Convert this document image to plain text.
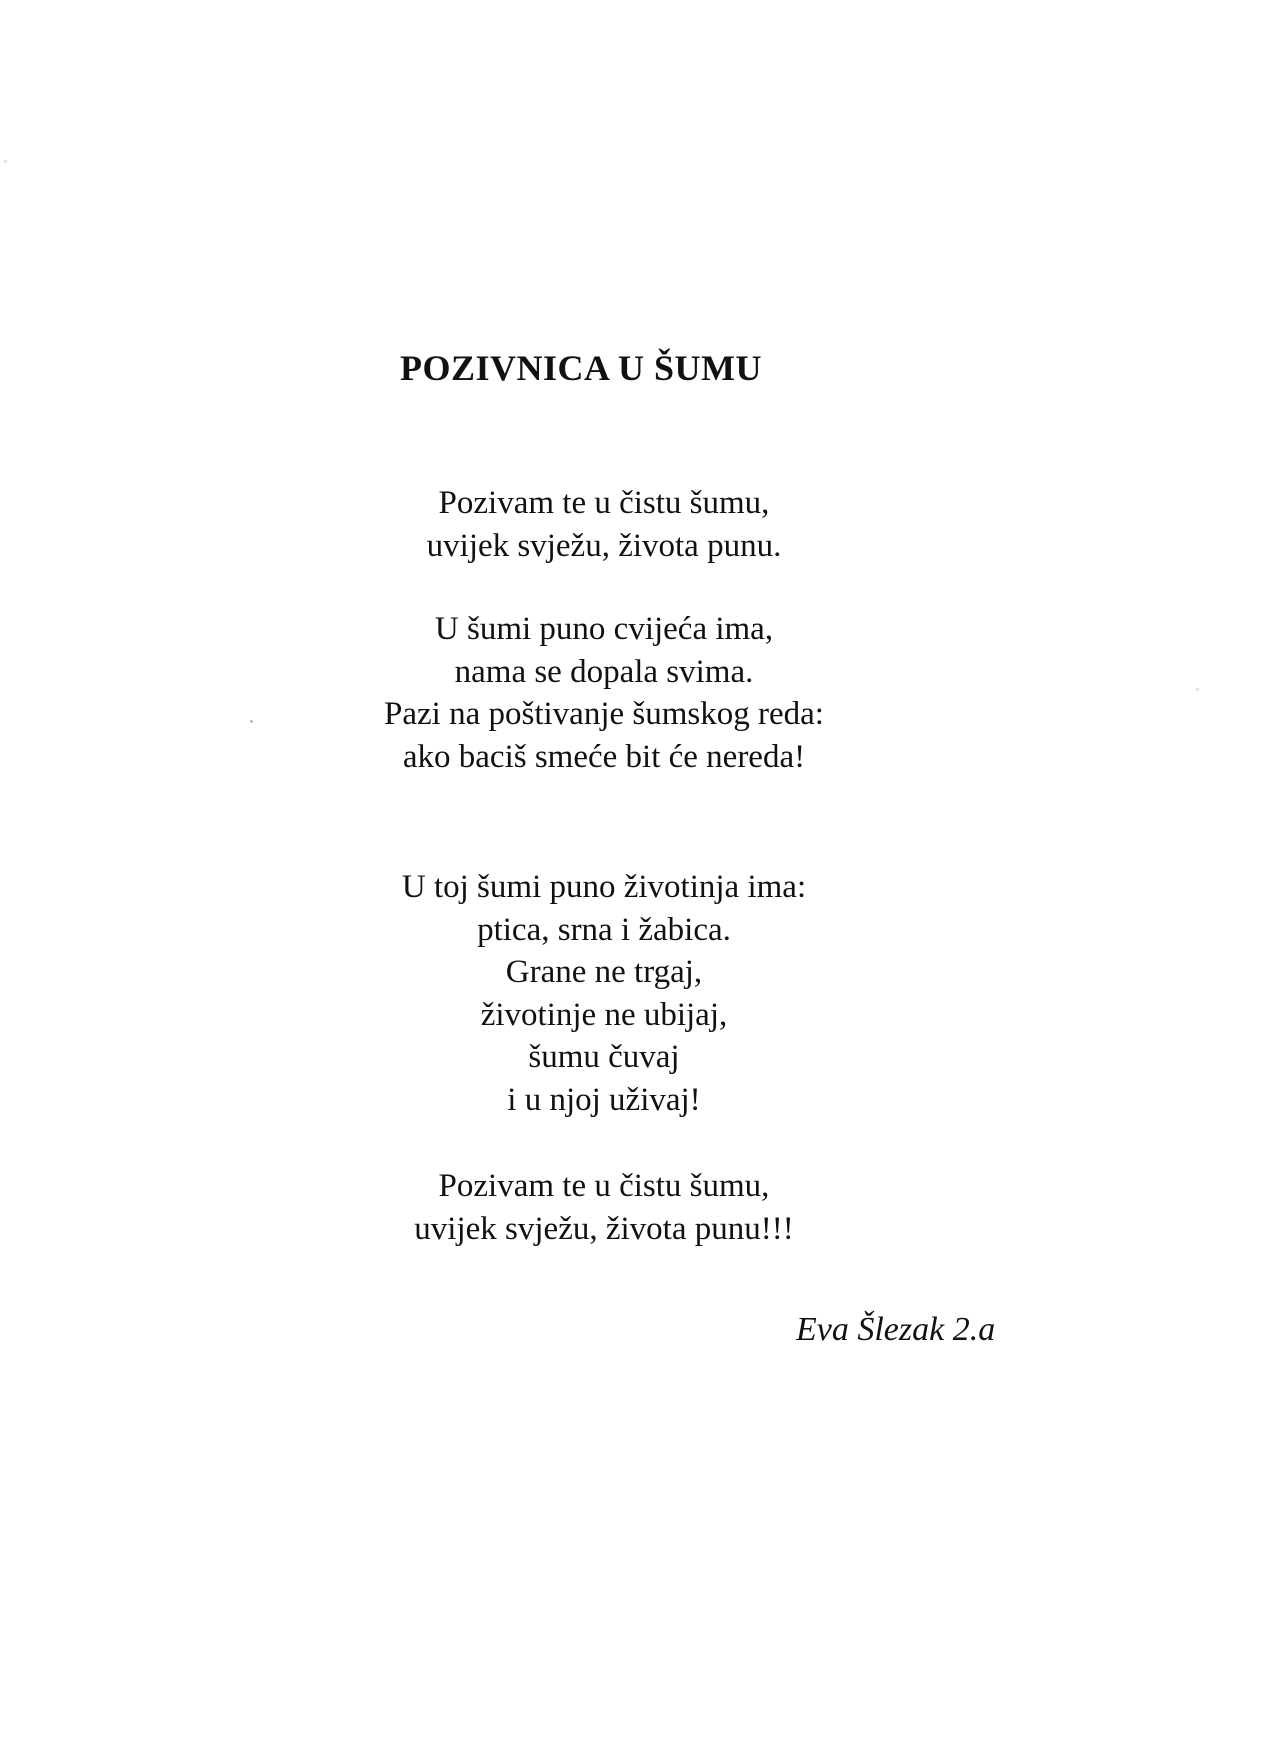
POZIVNICA U ŠUMU
Pozivam te u čistu šumu,
uvijek svježu, života punu.
U šumi puno cvijeća ima,
nama se dopala svima.
Pazi na poštivanje šumskog reda:
ako baciš smeće bit će nereda!
U toj šumi puno životinja ima:
ptica, srna i žabica.
Grane ne trgaj,
životinje ne ubijaj,
šumu čuvaj
i u njoj uživaj!
Pozivam te u čistu šumu,
uvijek svježu, života punu!!!
Eva Šlezak 2.a
